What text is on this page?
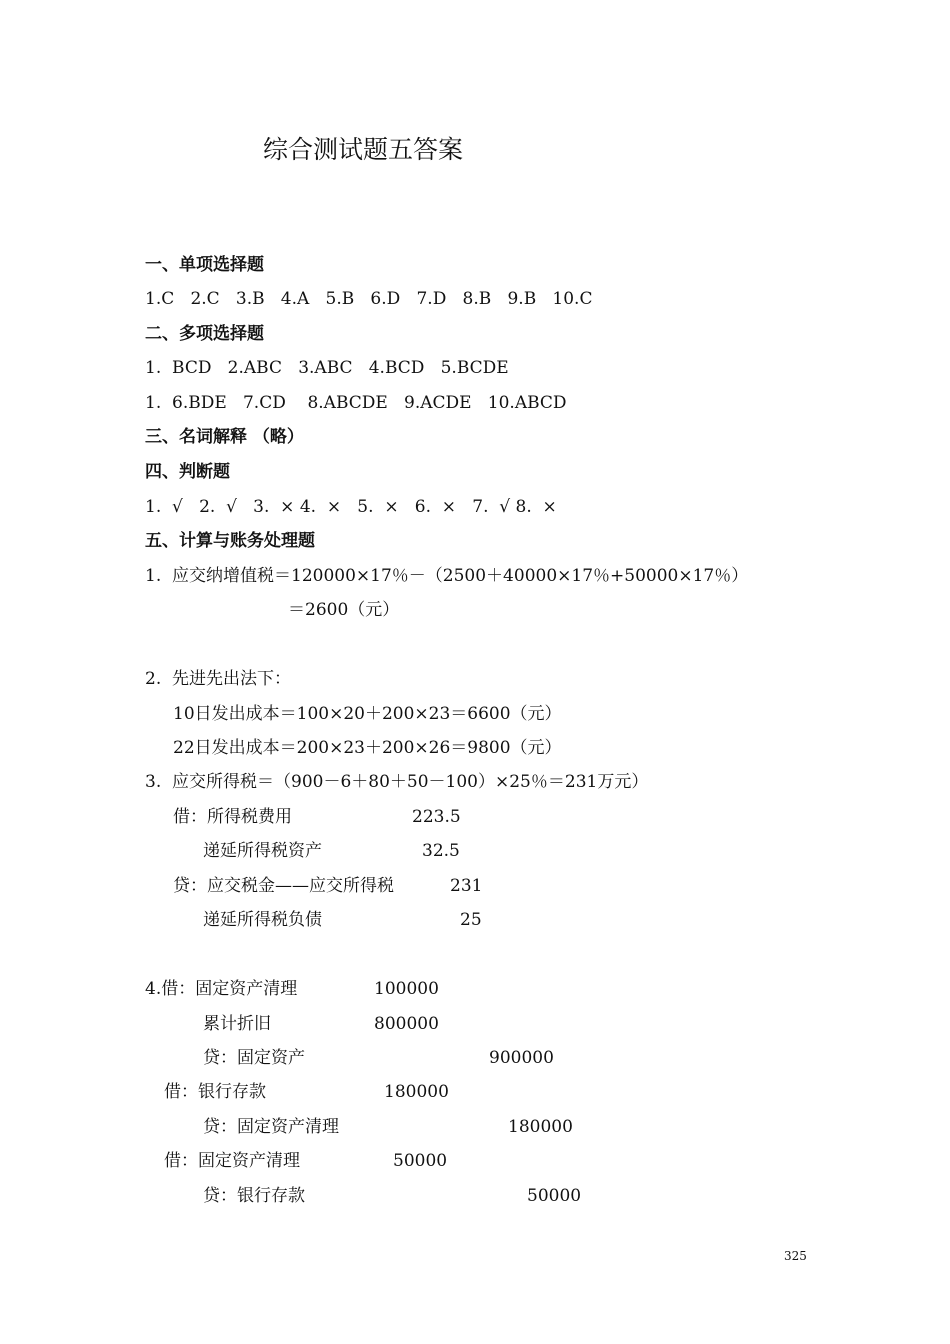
综合测试题五答案
一、单项选择题
1.C   2.C   3.B   4.A   5.B   6.D   7.D   8.B   9.B   10.C
二、多项选择题
1.  BCD   2.ABC   3.ABC   4.BCD   5.BCDE
1.  6.BDE   7.CD    8.ABCDE   9.ACDE   10.ABCD
三、名词解释 （略）
四、判断题
1.  √   2.  √   3.  × 4.  ×   5.  ×   6.  ×   7.  √ 8.  ×
五、计算与账务处理题
1.  应交纳增值税＝120000×17％－（2500＋40000×17％+50000×17％）
＝2600（元）
2.  先进先出法下：
10日发出成本＝100×20＋200×23＝6600（元）
22日发出成本＝200×23＋200×26＝9800（元）
3.  应交所得税＝（900－6＋80＋50－100）×25％＝231万元）
借：所得税费用	223.5
递延所得税资产	32.5
贷：应交税金——应交所得税	231
递延所得税负债	25
4.借：固定资产清理	100000
累计折旧	800000
贷：固定资产	900000
借：银行存款	180000
贷：固定资产清理	180000
借：固定资产清理	50000
贷：银行存款	50000
325
